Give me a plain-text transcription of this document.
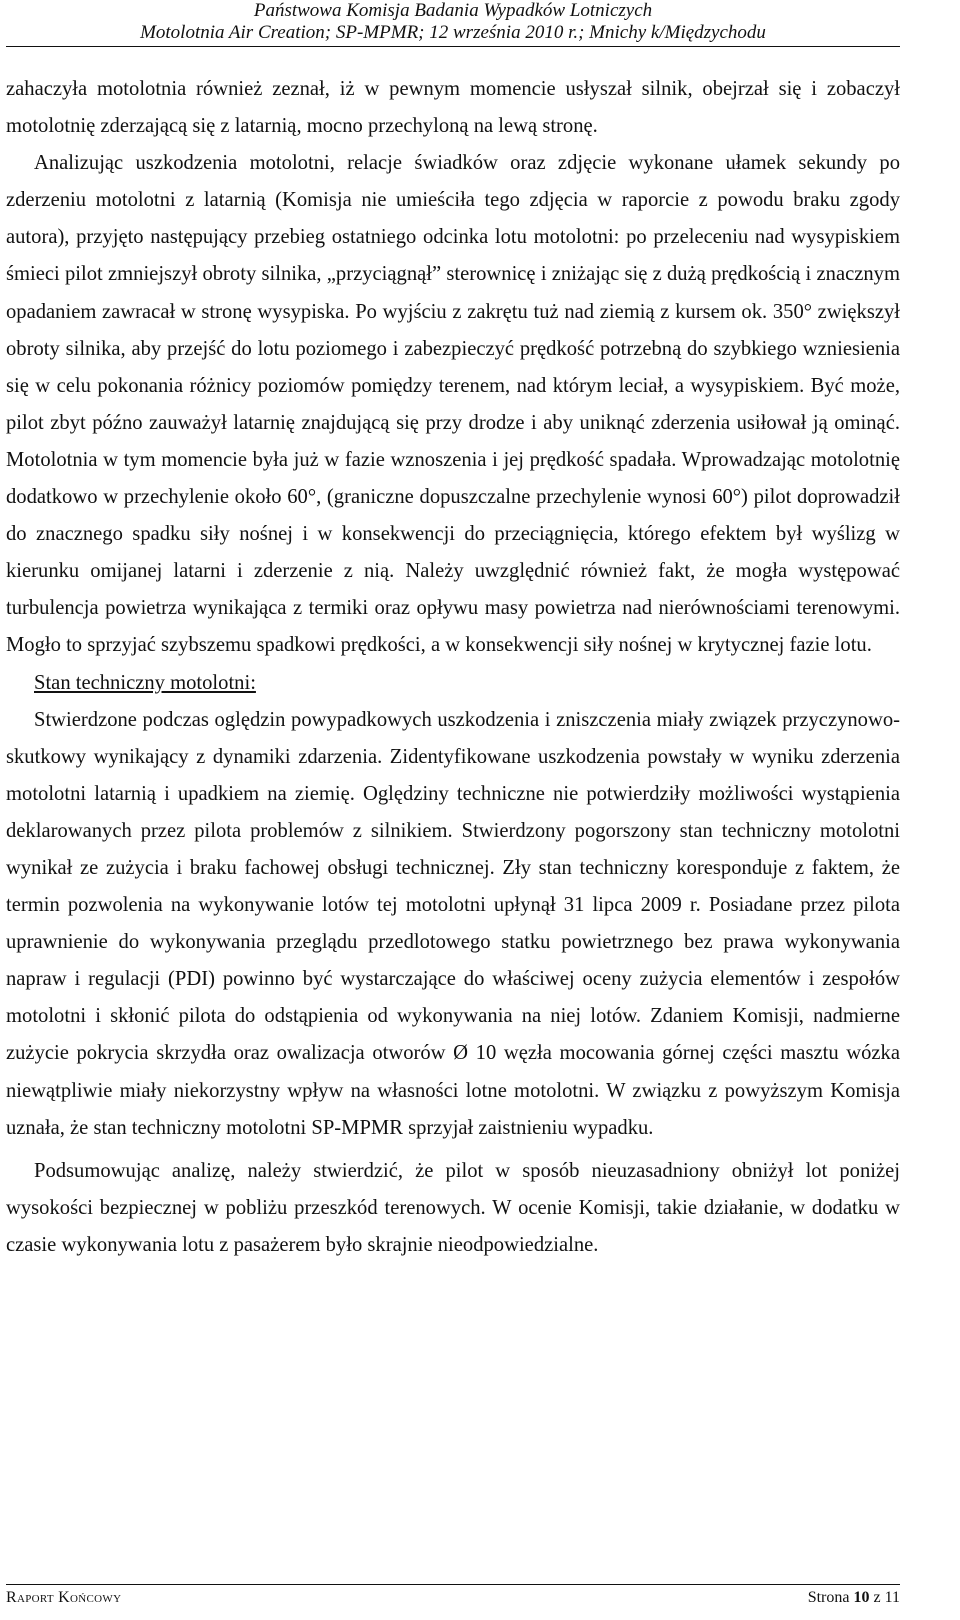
Państwowa Komisja Badania Wypadków Lotniczych
Motolotnia Air Creation; SP-MPMR; 12 września 2010 r.; Mnichy k/Międzychodu

zahaczyła motolotnia również zeznał, iż w pewnym momencie usłyszał silnik, obejrzał się i zobaczył motolotnię zderzającą się z latarnią, mocno przechyloną na lewą stronę.

Analizując uszkodzenia motolotni, relacje świadków oraz zdjęcie wykonane ułamek sekundy po zderzeniu motolotni z latarnią (Komisja nie umieściła tego zdjęcia w raporcie z powodu braku zgody autora), przyjęto następujący przebieg ostatniego odcinka lotu motolotni: po przeleceniu nad wysypiskiem śmieci pilot zmniejszył obroty silnika, „przyciągnął” sterownicę i zniżając się z dużą prędkością i znacznym opadaniem zawracał w stronę wysypiska. Po wyjściu z zakrętu tuż nad ziemią z kursem ok. 350° zwiększył obroty silnika, aby przejść do lotu poziomego i zabezpieczyć prędkość potrzebną do szybkiego wzniesienia się w celu pokonania różnicy poziomów pomiędzy terenem, nad którym leciał, a wysypiskiem. Być może, pilot zbyt późno zauważył latarnię znajdującą się przy drodze i aby uniknąć zderzenia usiłował ją ominąć. Motolotnia w tym momencie była już w fazie wznoszenia i jej prędkość spadała. Wprowadzając motolotnię dodatkowo w przechylenie około 60°, (graniczne dopuszczalne przechylenie wynosi 60°) pilot doprowadził do znacznego spadku siły nośnej i w konsekwencji do przeciągnięcia, którego efektem był wyślizg w kierunku omijanej latarni i zderzenie z nią. Należy uwzględnić również fakt, że mogła występować turbulencja powietrza wynikająca z termiki oraz opływu masy powietrza nad nierównościami terenowymi. Mogło to sprzyjać szybszemu spadkowi prędkości, a w konsekwencji siły nośnej w krytycznej fazie lotu.

Stan techniczny motolotni:

Stwierdzone podczas oględzin powypadkowych uszkodzenia i zniszczenia miały związek przyczynowo-skutkowy wynikający z dynamiki zdarzenia. Zidentyfikowane uszkodzenia powstały w wyniku zderzenia motolotni latarnią i upadkiem na ziemię. Oględziny techniczne nie potwierdziły możliwości wystąpienia deklarowanych przez pilota problemów z silnikiem. Stwierdzony pogorszony stan techniczny motolotni wynikał ze zużycia i braku fachowej obsługi technicznej. Zły stan techniczny koresponduje z faktem, że termin pozwolenia na wykonywanie lotów tej motolotni upłynął 31 lipca 2009 r. Posiadane przez pilota uprawnienie do wykonywania przeglądu przedlotowego statku powietrznego bez prawa wykonywania napraw i regulacji (PDI) powinno być wystarczające do właściwej oceny zużycia elementów i zespołów motolotni i skłonić pilota do odstąpienia od wykonywania na niej lotów. Zdaniem Komisji, nadmierne zużycie pokrycia skrzydła oraz owalizacja otworów Ø 10 węzła mocowania górnej części masztu wózka niewątpliwie miały niekorzystny wpływ na własności lotne motolotni. W związku z powyższym Komisja uznała, że stan techniczny motolotni SP-MPMR sprzyjał zaistnieniu wypadku.

Podsumowując analizę, należy stwierdzić, że pilot w sposób nieuzasadniony obniżył lot poniżej wysokości bezpiecznej w pobliżu przeszkód terenowych. W ocenie Komisji, takie działanie, w dodatku w czasie wykonywania lotu z pasażerem było skrajnie nieodpowiedzialne.

Raport Końcowy	Strona 10 z 11
